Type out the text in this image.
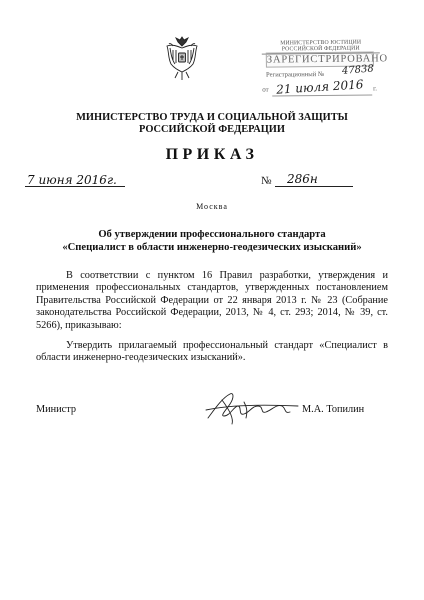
МИНИСТЕРСТВО ЮСТИЦИИ РОССИЙСКОЙ ФЕДЕРАЦИИ
ЗАРЕГИСТРИРОВАНО
Регистрационный № 47838
от 21 июля 2016 г.
МИНИСТЕРСТВО ТРУДА И СОЦИАЛЬНОЙ ЗАЩИТЫ
РОССИЙСКОЙ ФЕДЕРАЦИИ
ПРИКАЗ
7 июня 2016г.	№ 286н
Москва
Об утверждении профессионального стандарта
«Специалист в области инженерно-геодезических изысканий»
В соответствии с пунктом 16 Правил разработки, утверждения и применения профессиональных стандартов, утвержденных постановлением Правительства Российской Федерации от 22 января 2013 г. № 23 (Собрание законодательства Российской Федерации, 2013, № 4, ст. 293; 2014, № 39, ст. 5266), приказываю:
Утвердить прилагаемый профессиональный стандарт «Специалист в области инженерно-геодезических изысканий».
Министр	М.А. Топилин
